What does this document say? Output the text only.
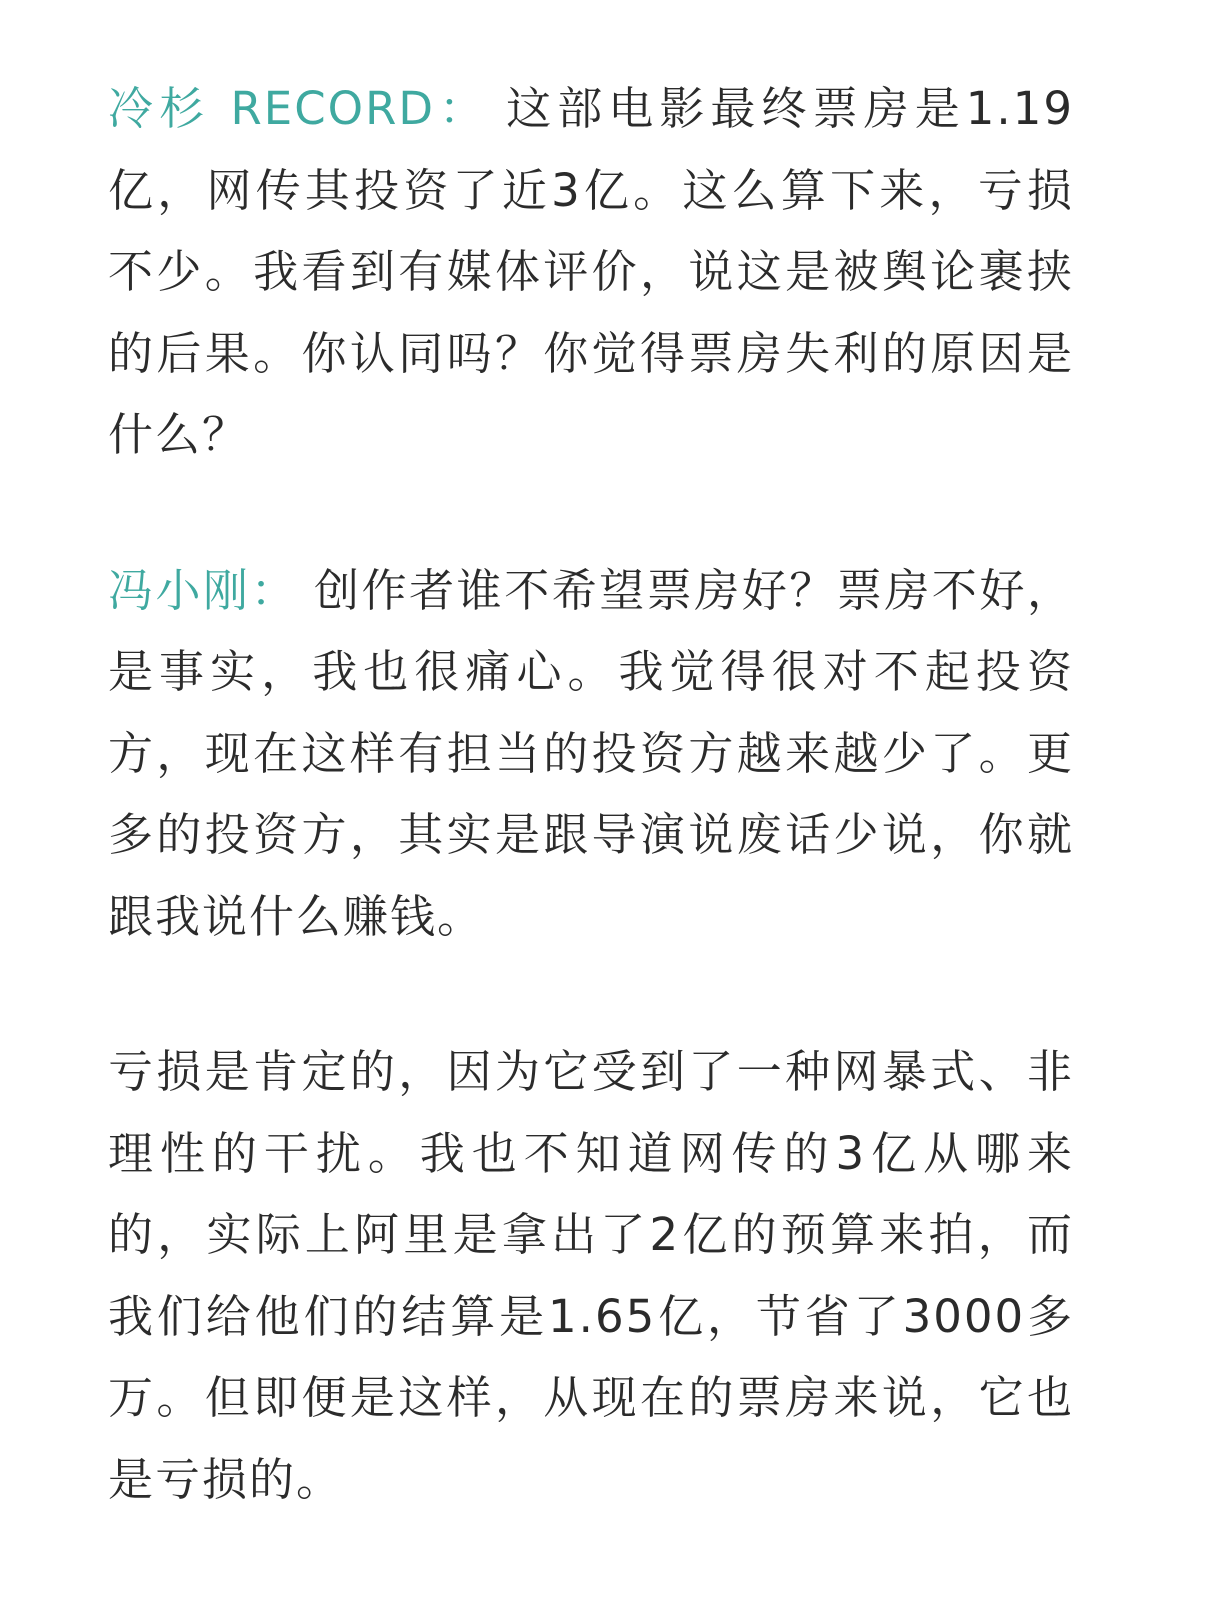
冷杉 RECORD： 这部电影最终票房是1.19亿，网传其投资了近3亿。这么算下来，亏损不少。我看到有媒体评价，说这是被舆论裹挟的后果。你认同吗？你觉得票房失利的原因是什么？

冯小刚： 创作者谁不希望票房好？票房不好，是事实，我也很痛心。我觉得很对不起投资方，现在这样有担当的投资方越来越少了。更多的投资方，其实是跟导演说废话少说，你就跟我说什么赚钱。

亏损是肯定的，因为它受到了一种网暴式、非理性的干扰。我也不知道网传的3亿从哪来的，实际上阿里是拿出了2亿的预算来拍，而我们给他们的结算是1.65亿，节省了3000多万。但即便是这样，从现在的票房来说，它也是亏损的。
